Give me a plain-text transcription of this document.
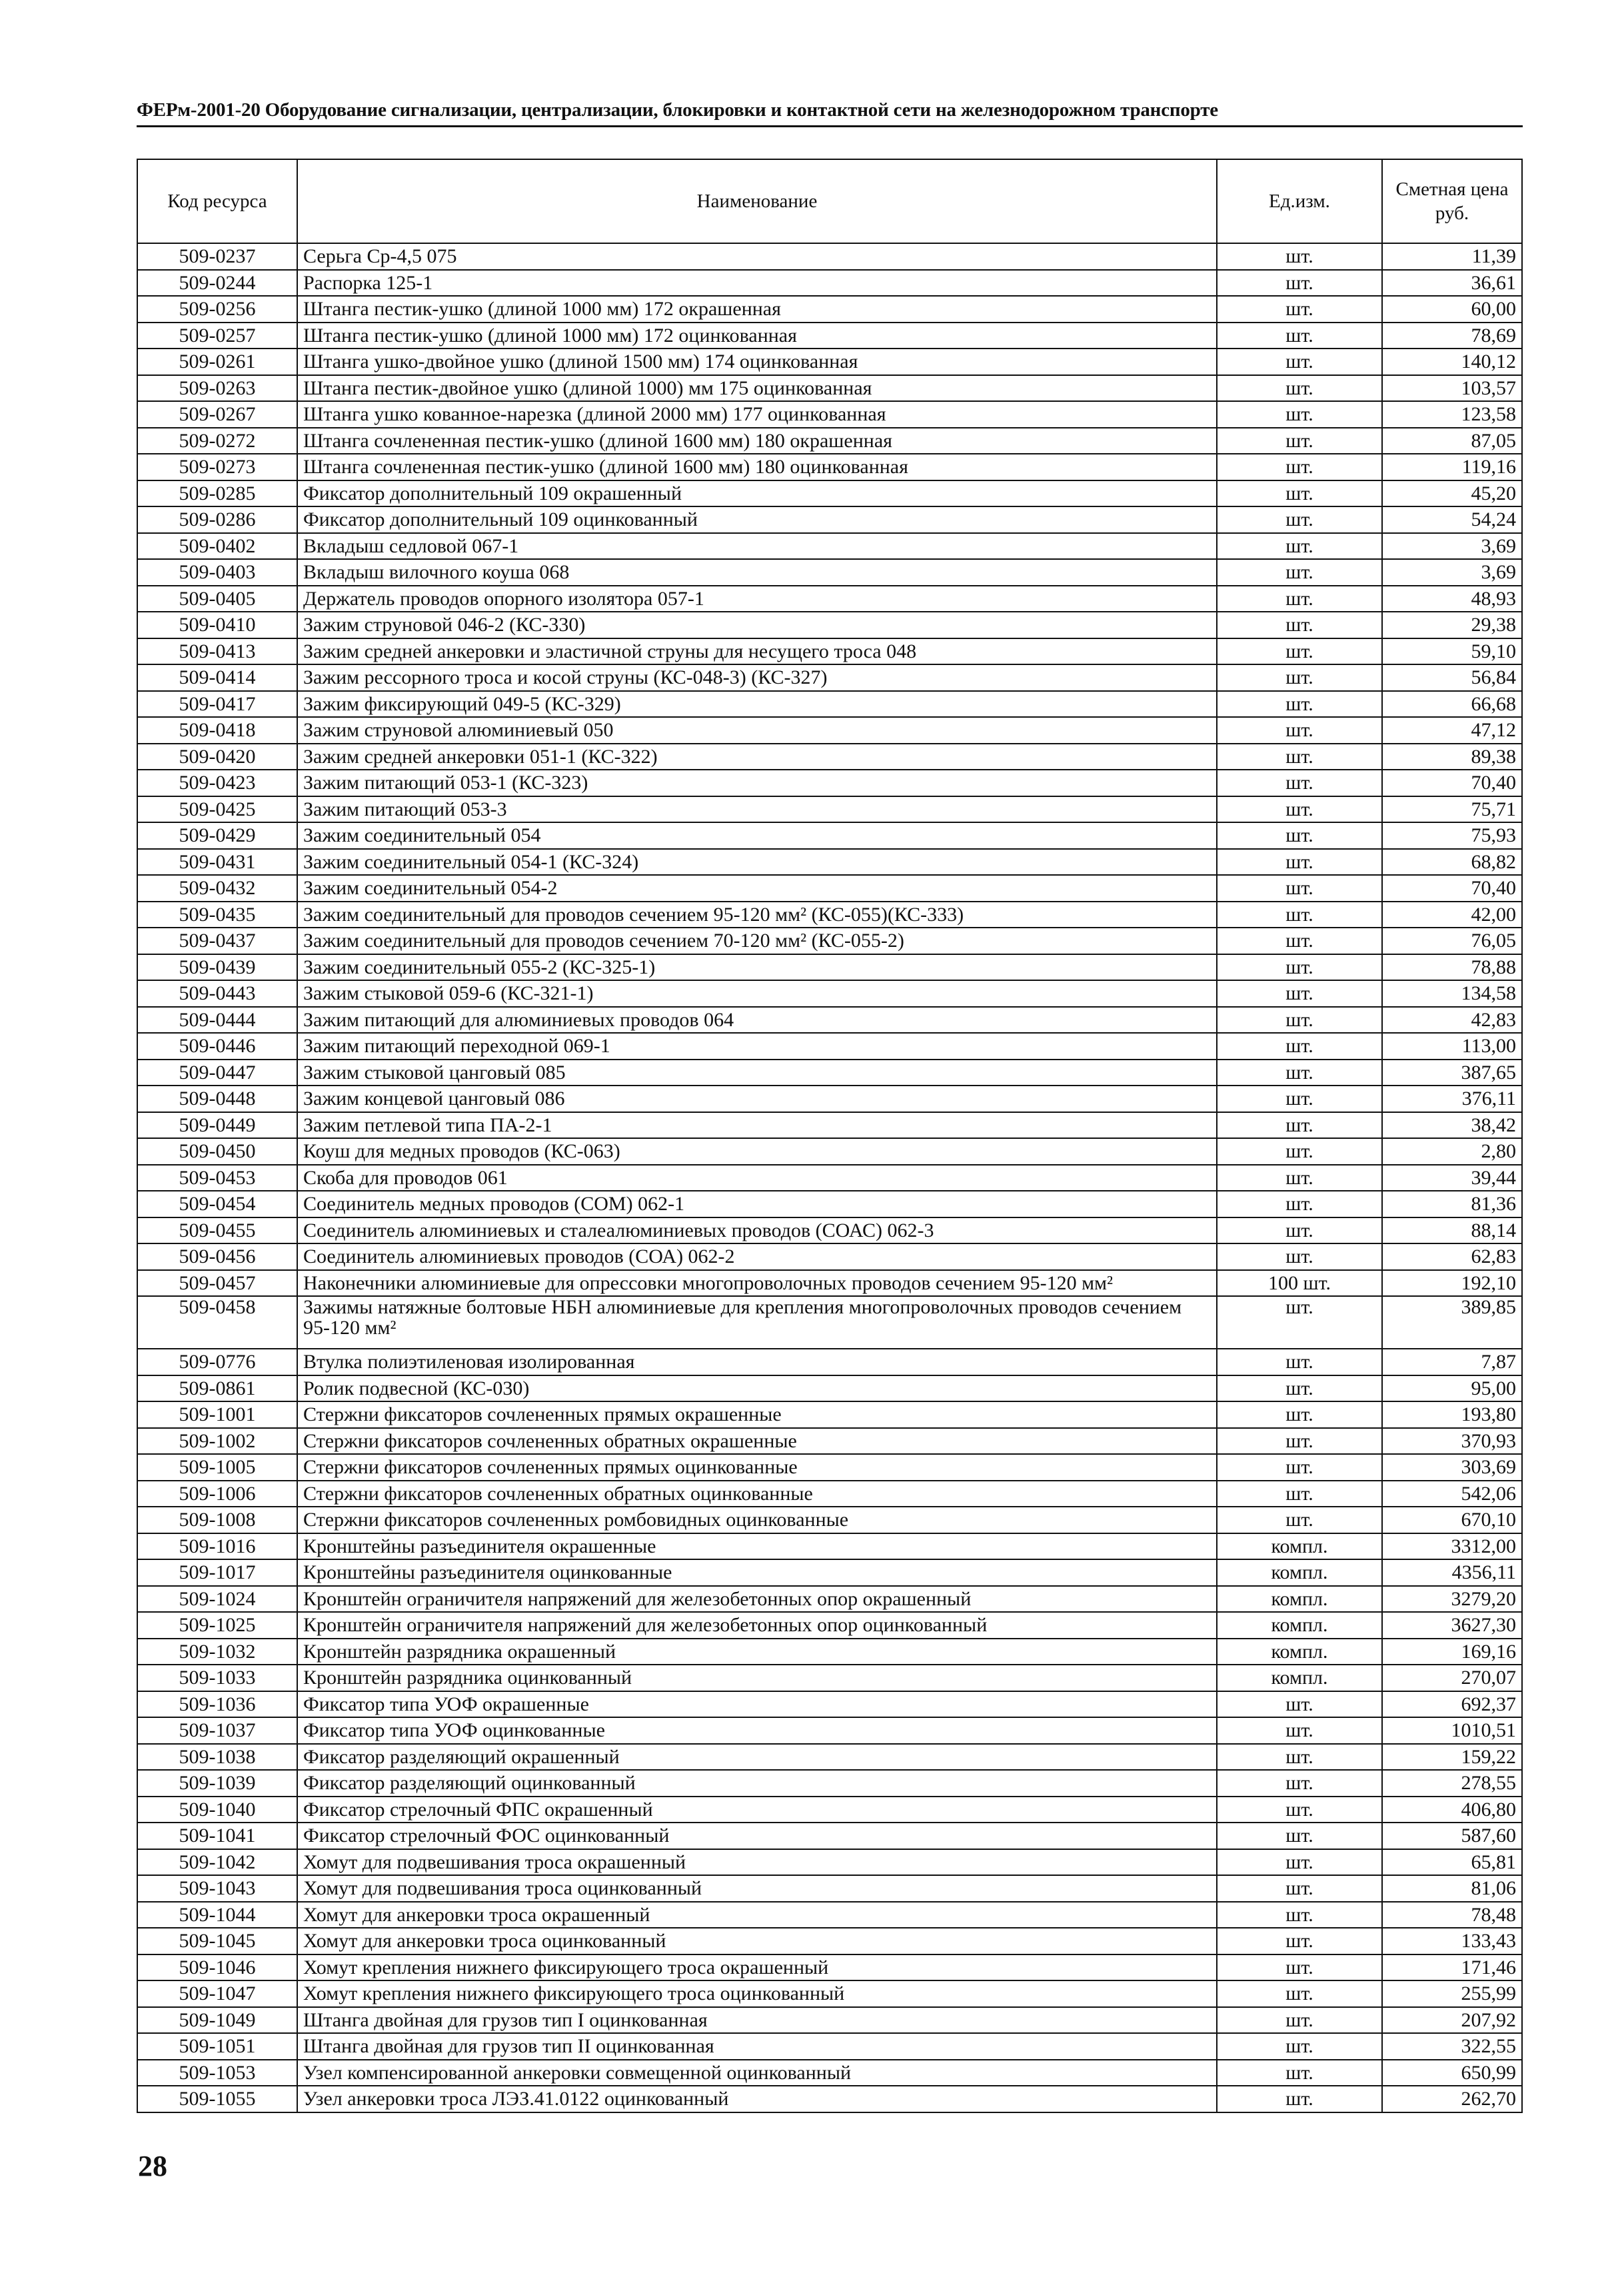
ФЕРм-2001-20 Оборудование сигнализации, централизации, блокировки и контактной сети на железнодорожном транспорте
Код ресурса	Наименование	Ед.изм.	Сметная цена руб.
509-0237	Серьга Ср-4,5 075	шт.	11,39
509-0244	Распорка 125-1	шт.	36,61
509-0256	Штанга пестик-ушко (длиной 1000 мм) 172 окрашенная	шт.	60,00
509-0257	Штанга пестик-ушко (длиной 1000 мм) 172 оцинкованная	шт.	78,69
509-0261	Штанга ушко-двойное ушко (длиной 1500 мм) 174 оцинкованная	шт.	140,12
509-0263	Штанга пестик-двойное ушко (длиной 1000) мм 175 оцинкованная	шт.	103,57
509-0267	Штанга ушко кованное-нарезка (длиной 2000 мм) 177 оцинкованная	шт.	123,58
509-0272	Штанга сочлененная пестик-ушко (длиной 1600 мм) 180 окрашенная	шт.	87,05
509-0273	Штанга сочлененная пестик-ушко (длиной 1600 мм) 180 оцинкованная	шт.	119,16
509-0285	Фиксатор дополнительный 109 окрашенный	шт.	45,20
509-0286	Фиксатор дополнительный 109 оцинкованный	шт.	54,24
509-0402	Вкладыш седловой 067-1	шт.	3,69
509-0403	Вкладыш вилочного коуша 068	шт.	3,69
509-0405	Держатель проводов опорного изолятора 057-1	шт.	48,93
509-0410	Зажим струновой 046-2 (КС-330)	шт.	29,38
509-0413	Зажим средней анкеровки и эластичной струны для несущего троса 048	шт.	59,10
509-0414	Зажим рессорного троса и косой струны (КС-048-3) (КС-327)	шт.	56,84
509-0417	Зажим фиксирующий 049-5 (КС-329)	шт.	66,68
509-0418	Зажим струновой алюминиевый 050	шт.	47,12
509-0420	Зажим средней анкеровки 051-1 (КС-322)	шт.	89,38
509-0423	Зажим питающий 053-1 (КС-323)	шт.	70,40
509-0425	Зажим питающий 053-3	шт.	75,71
509-0429	Зажим соединительный 054	шт.	75,93
509-0431	Зажим соединительный 054-1 (КС-324)	шт.	68,82
509-0432	Зажим соединительный 054-2	шт.	70,40
509-0435	Зажим соединительный для проводов сечением 95-120 мм² (КС-055)(КС-333)	шт.	42,00
509-0437	Зажим соединительный для проводов сечением 70-120 мм² (КС-055-2)	шт.	76,05
509-0439	Зажим соединительный 055-2 (КС-325-1)	шт.	78,88
509-0443	Зажим стыковой 059-6 (КС-321-1)	шт.	134,58
509-0444	Зажим питающий для алюминиевых проводов 064	шт.	42,83
509-0446	Зажим питающий переходной 069-1	шт.	113,00
509-0447	Зажим стыковой цанговый 085	шт.	387,65
509-0448	Зажим концевой цанговый 086	шт.	376,11
509-0449	Зажим петлевой типа ПА-2-1	шт.	38,42
509-0450	Коуш для медных проводов (КС-063)	шт.	2,80
509-0453	Скоба для проводов 061	шт.	39,44
509-0454	Соединитель медных проводов (СОМ) 062-1	шт.	81,36
509-0455	Соединитель алюминиевых и сталеалюминиевых проводов (СОАС) 062-3	шт.	88,14
509-0456	Соединитель алюминиевых проводов (СОА) 062-2	шт.	62,83
509-0457	Наконечники алюминиевые для опрессовки многопроволочных проводов сечением 95-120 мм²	100 шт.	192,10
509-0458	Зажимы натяжные болтовые НБН алюминиевые для крепления многопроволочных проводов сечением 95-120 мм²	шт.	389,85
509-0776	Втулка полиэтиленовая изолированная	шт.	7,87
509-0861	Ролик подвесной (КС-030)	шт.	95,00
509-1001	Стержни фиксаторов сочлененных прямых окрашенные	шт.	193,80
509-1002	Стержни фиксаторов сочлененных обратных окрашенные	шт.	370,93
509-1005	Стержни фиксаторов сочлененных прямых оцинкованные	шт.	303,69
509-1006	Стержни фиксаторов сочлененных обратных оцинкованные	шт.	542,06
509-1008	Стержни фиксаторов сочлененных ромбовидных оцинкованные	шт.	670,10
509-1016	Кронштейны разъединителя окрашенные	компл.	3312,00
509-1017	Кронштейны разъединителя оцинкованные	компл.	4356,11
509-1024	Кронштейн ограничителя напряжений для железобетонных опор окрашенный	компл.	3279,20
509-1025	Кронштейн ограничителя напряжений для железобетонных опор оцинкованный	компл.	3627,30
509-1032	Кронштейн разрядника окрашенный	компл.	169,16
509-1033	Кронштейн разрядника оцинкованный	компл.	270,07
509-1036	Фиксатор типа УОФ окрашенные	шт.	692,37
509-1037	Фиксатор типа УОФ оцинкованные	шт.	1010,51
509-1038	Фиксатор разделяющий окрашенный	шт.	159,22
509-1039	Фиксатор разделяющий оцинкованный	шт.	278,55
509-1040	Фиксатор стрелочный ФПС окрашенный	шт.	406,80
509-1041	Фиксатор стрелочный ФОС оцинкованный	шт.	587,60
509-1042	Хомут для подвешивания троса окрашенный	шт.	65,81
509-1043	Хомут для подвешивания троса оцинкованный	шт.	81,06
509-1044	Хомут для анкеровки троса окрашенный	шт.	78,48
509-1045	Хомут для анкеровки троса оцинкованный	шт.	133,43
509-1046	Хомут крепления нижнего фиксирующего троса окрашенный	шт.	171,46
509-1047	Хомут крепления нижнего фиксирующего троса оцинкованный	шт.	255,99
509-1049	Штанга двойная для грузов тип I оцинкованная	шт.	207,92
509-1051	Штанга двойная для грузов тип II оцинкованная	шт.	322,55
509-1053	Узел компенсированной анкеровки совмещенной оцинкованный	шт.	650,99
509-1055	Узел анкеровки троса ЛЭЗ.41.0122 оцинкованный	шт.	262,70
28
